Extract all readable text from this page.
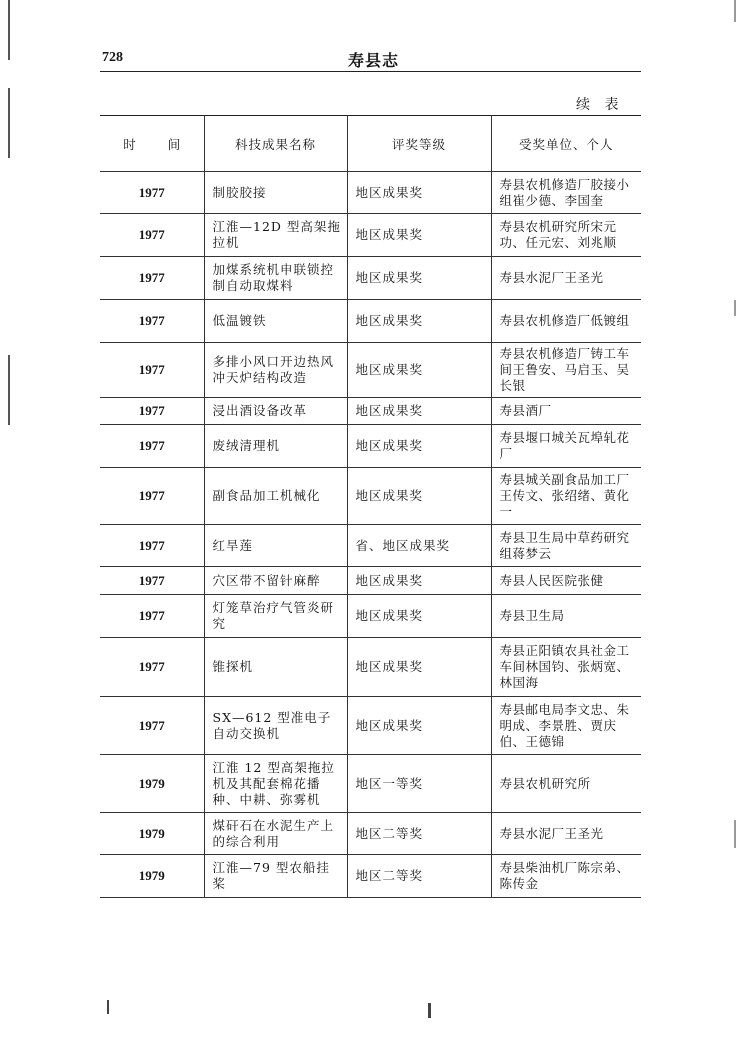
728	寿县志
续 表
时 间	科技成果名称	评奖等级	受奖单位、个人
1977	制胶胶接	地区成果奖	寿县农机修造厂胶接小组崔少德、李国奎
1977	江淮—12D 型高架拖拉机	地区成果奖	寿县农机研究所宋元功、任元宏、刘兆顺
1977	加煤系统机申联锁控制自动取煤料	地区成果奖	寿县水泥厂王圣光
1977	低温镀铁	地区成果奖	寿县农机修造厂低镀组
1977	多排小风口开边热风冲天炉结构改造	地区成果奖	寿县农机修造厂铸工车间王鲁安、马启玉、吴长银
1977	浸出酒设备改革	地区成果奖	寿县酒厂
1977	废绒清理机	地区成果奖	寿县堰口城关瓦埠轧花厂
1977	副食品加工机械化	地区成果奖	寿县城关副食品加工厂王传文、张绍绪、黄化一
1977	红旱莲	省、地区成果奖	寿县卫生局中草药研究组蒋梦云
1977	穴区带不留针麻醉	地区成果奖	寿县人民医院张健
1977	灯笼草治疗气管炎研究	地区成果奖	寿县卫生局
1977	锥探机	地区成果奖	寿县正阳镇农具社金工车间林国钧、张炳宽、林国海
1977	SX—612 型准电子自动交换机	地区成果奖	寿县邮电局李文忠、朱明成、李景胜、贾庆伯、王德锦
1979	江淮 12 型高架拖拉机及其配套棉花播种、中耕、弥雾机	地区一等奖	寿县农机研究所
1979	煤矸石在水泥生产上的综合利用	地区二等奖	寿县水泥厂王圣光
1979	江淮—79 型农船挂桨	地区二等奖	寿县柴油机厂陈宗弟、陈传金
